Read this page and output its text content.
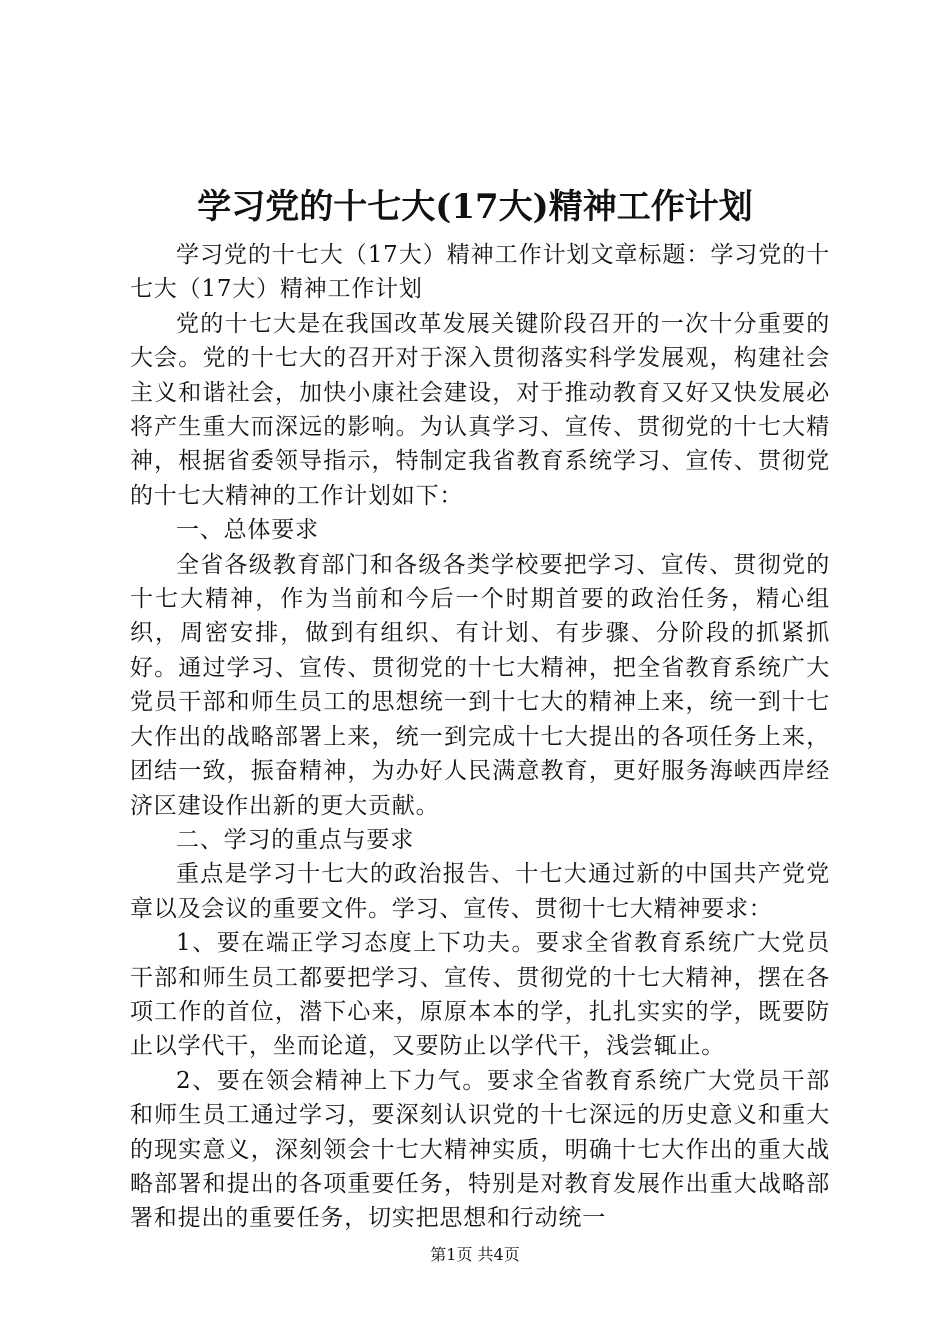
学习党的十七大(17大)精神工作计划

学习党的十七大（17大）精神工作计划文章标题：学习党的十七大（17大）精神工作计划

党的十七大是在我国改革发展关键阶段召开的一次十分重要的大会。党的十七大的召开对于深入贯彻落实科学发展观，构建社会主义和谐社会，加快小康社会建设，对于推动教育又好又快发展必将产生重大而深远的影响。为认真学习、宣传、贯彻党的十七大精神，根据省委领导指示，特制定我省教育系统学习、宣传、贯彻党的十七大精神的工作计划如下：

一、总体要求

全省各级教育部门和各级各类学校要把学习、宣传、贯彻党的十七大精神，作为当前和今后一个时期首要的政治任务，精心组织，周密安排，做到有组织、有计划、有步骤、分阶段的抓紧抓好。通过学习、宣传、贯彻党的十七大精神，把全省教育系统广大党员干部和师生员工的思想统一到十七大的精神上来，统一到十七大作出的战略部署上来，统一到完成十七大提出的各项任务上来，团结一致，振奋精神，为办好人民满意教育，更好服务海峡西岸经济区建设作出新的更大贡献。

二、学习的重点与要求

重点是学习十七大的政治报告、十七大通过新的中国共产党党章以及会议的重要文件。学习、宣传、贯彻十七大精神要求：

1、要在端正学习态度上下功夫。要求全省教育系统广大党员干部和师生员工都要把学习、宣传、贯彻党的十七大精神，摆在各项工作的首位，潜下心来，原原本本的学，扎扎实实的学，既要防止以学代干，坐而论道，又要防止以学代干，浅尝辄止。

2、要在领会精神上下力气。要求全省教育系统广大党员干部和师生员工通过学习，要深刻认识党的十七深远的历史意义和重大的现实意义，深刻领会十七大精神实质，明确十七大作出的重大战略部署和提出的各项重要任务，特别是对教育发展作出重大战略部署和提出的重要任务，切实把思想和行动统一

第1页 共4页
